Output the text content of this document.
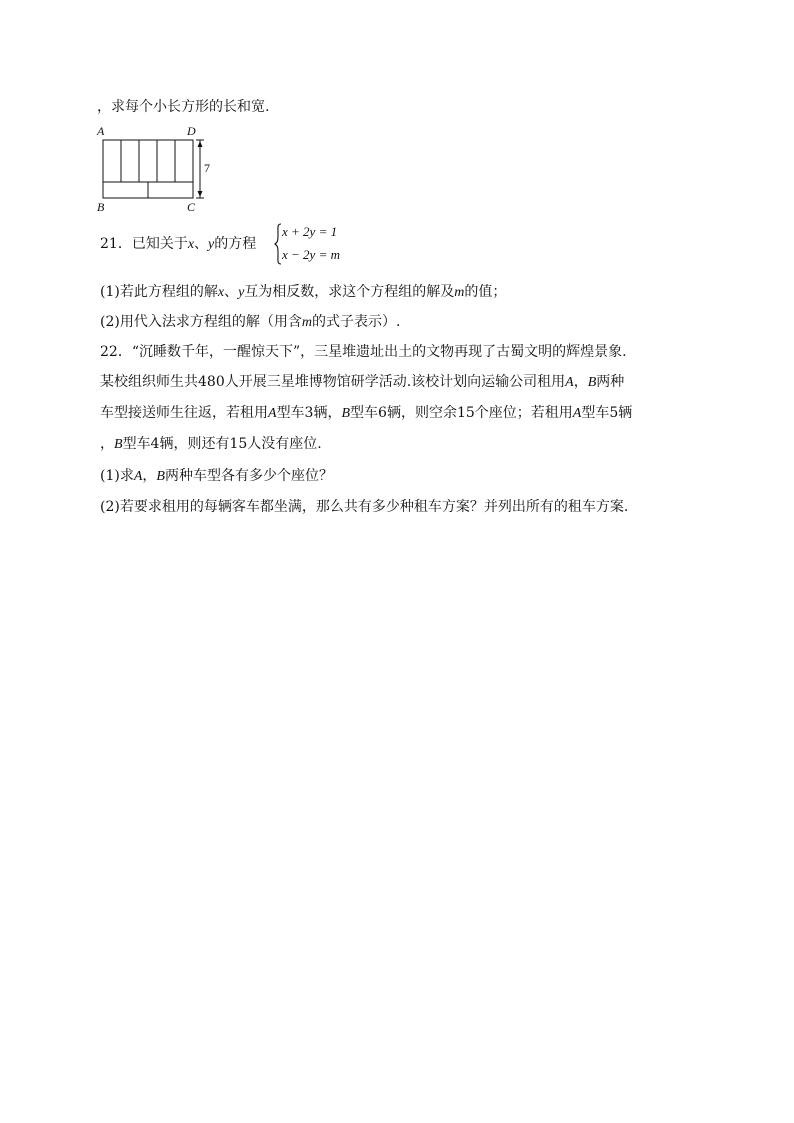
，求每个小长方形的长和宽.
A	D
B	C
7
21．已知关于x、y的方程
x + 2y = 1
x − 2y = m
(1)若此方程组的解x、y互为相反数，求这个方程组的解及m的值；
(2)用代入法求方程组的解（用含m的式子表示）.
22．“沉睡数千年，一醒惊天下”，三星堆遗址出土的文物再现了古蜀文明的辉煌景象.
某校组织师生共480人开展三星堆博物馆研学活动.该校计划向运输公司租用A，B两种
车型接送师生往返，若租用A型车3辆，B型车6辆，则空余15个座位；若租用A型车5辆
，B型车4辆，则还有15人没有座位.
(1)求A，B两种车型各有多少个座位？
(2)若要求租用的每辆客车都坐满，那么共有多少种租车方案？并列出所有的租车方案.
